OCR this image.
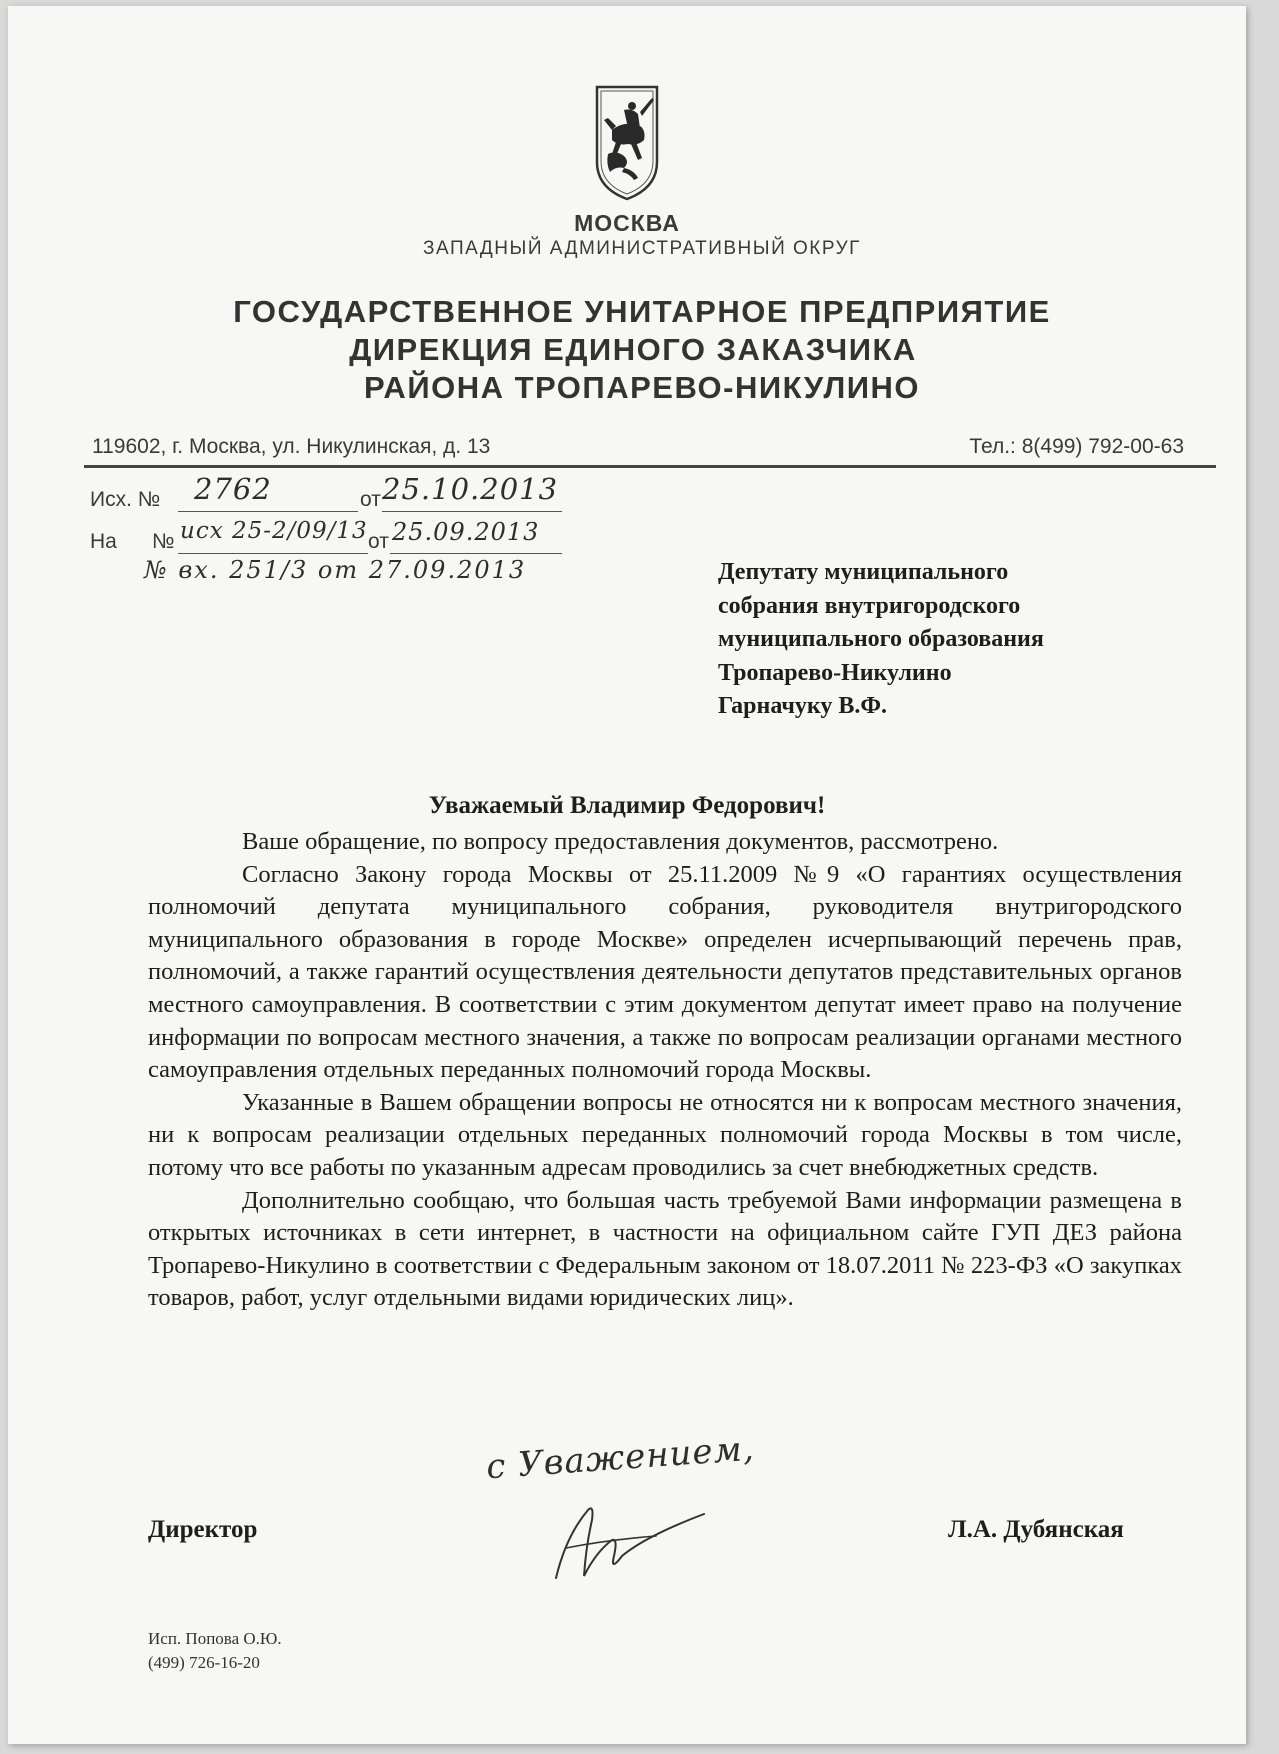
МОСКВА
ЗАПАДНЫЙ АДМИНИСТРАТИВНЫЙ ОКРУГ
ГОСУДАРСТВЕННОЕ УНИТАРНОЕ ПРЕДПРИЯТИЕ
ДИРЕКЦИЯ ЕДИНОГО ЗАКАЗЧИКА
РАЙОНА ТРОПАРЕВО-НИКУЛИНО
119602, г. Москва, ул. Никулинская, д. 13	Тел.: 8(499) 792-00-63
Исх. № 2762	от 25.10.2013
На № исх 25-2/09/13 от 25.09.2013
№ вх. 251/3 от 27.09.2013	Депутату муниципального
собрания внутригородского
муниципального образования
Тропарево-Никулино
Гарначуку В.Ф.
Уважаемый Владимир Федорович!

Ваше обращение, по вопросу предоставления документов, рассмотрено.

Согласно Закону города Москвы от 25.11.2009 №9 «О гарантиях осуществления полномочий депутата муниципального собрания, руководителя внутригородского муниципального образования в городе Москве» определен исчерпывающий перечень прав, полномочий, а также гарантий осуществления деятельности депутатов представительных органов местного самоуправления. В соответствии с этим документом депутат имеет право на получение информации по вопросам местного значения, а также по вопросам реализации органами местного самоуправления отдельных переданных полномочий города Москвы.

Указанные в Вашем обращении вопросы не относятся ни к вопросам местного значения, ни к вопросам реализации отдельных переданных полномочий города Москвы в том числе, потому что все работы по указанным адресам проводились за счет внебюджетных средств.

Дополнительно сообщаю, что большая часть требуемой Вами информации размещена в открытых источниках в сети интернет, в частности на официальном сайте ГУП ДЕЗ района Тропарево-Никулино в соответствии с Федеральным законом от 18.07.2011 № 223-ФЗ «О закупках товаров, работ, услуг отдельными видами юридических лиц».

с Уважением,
Директор	Л.А. Дубянская
Исп. Попова О.Ю.
(499) 726-16-20
